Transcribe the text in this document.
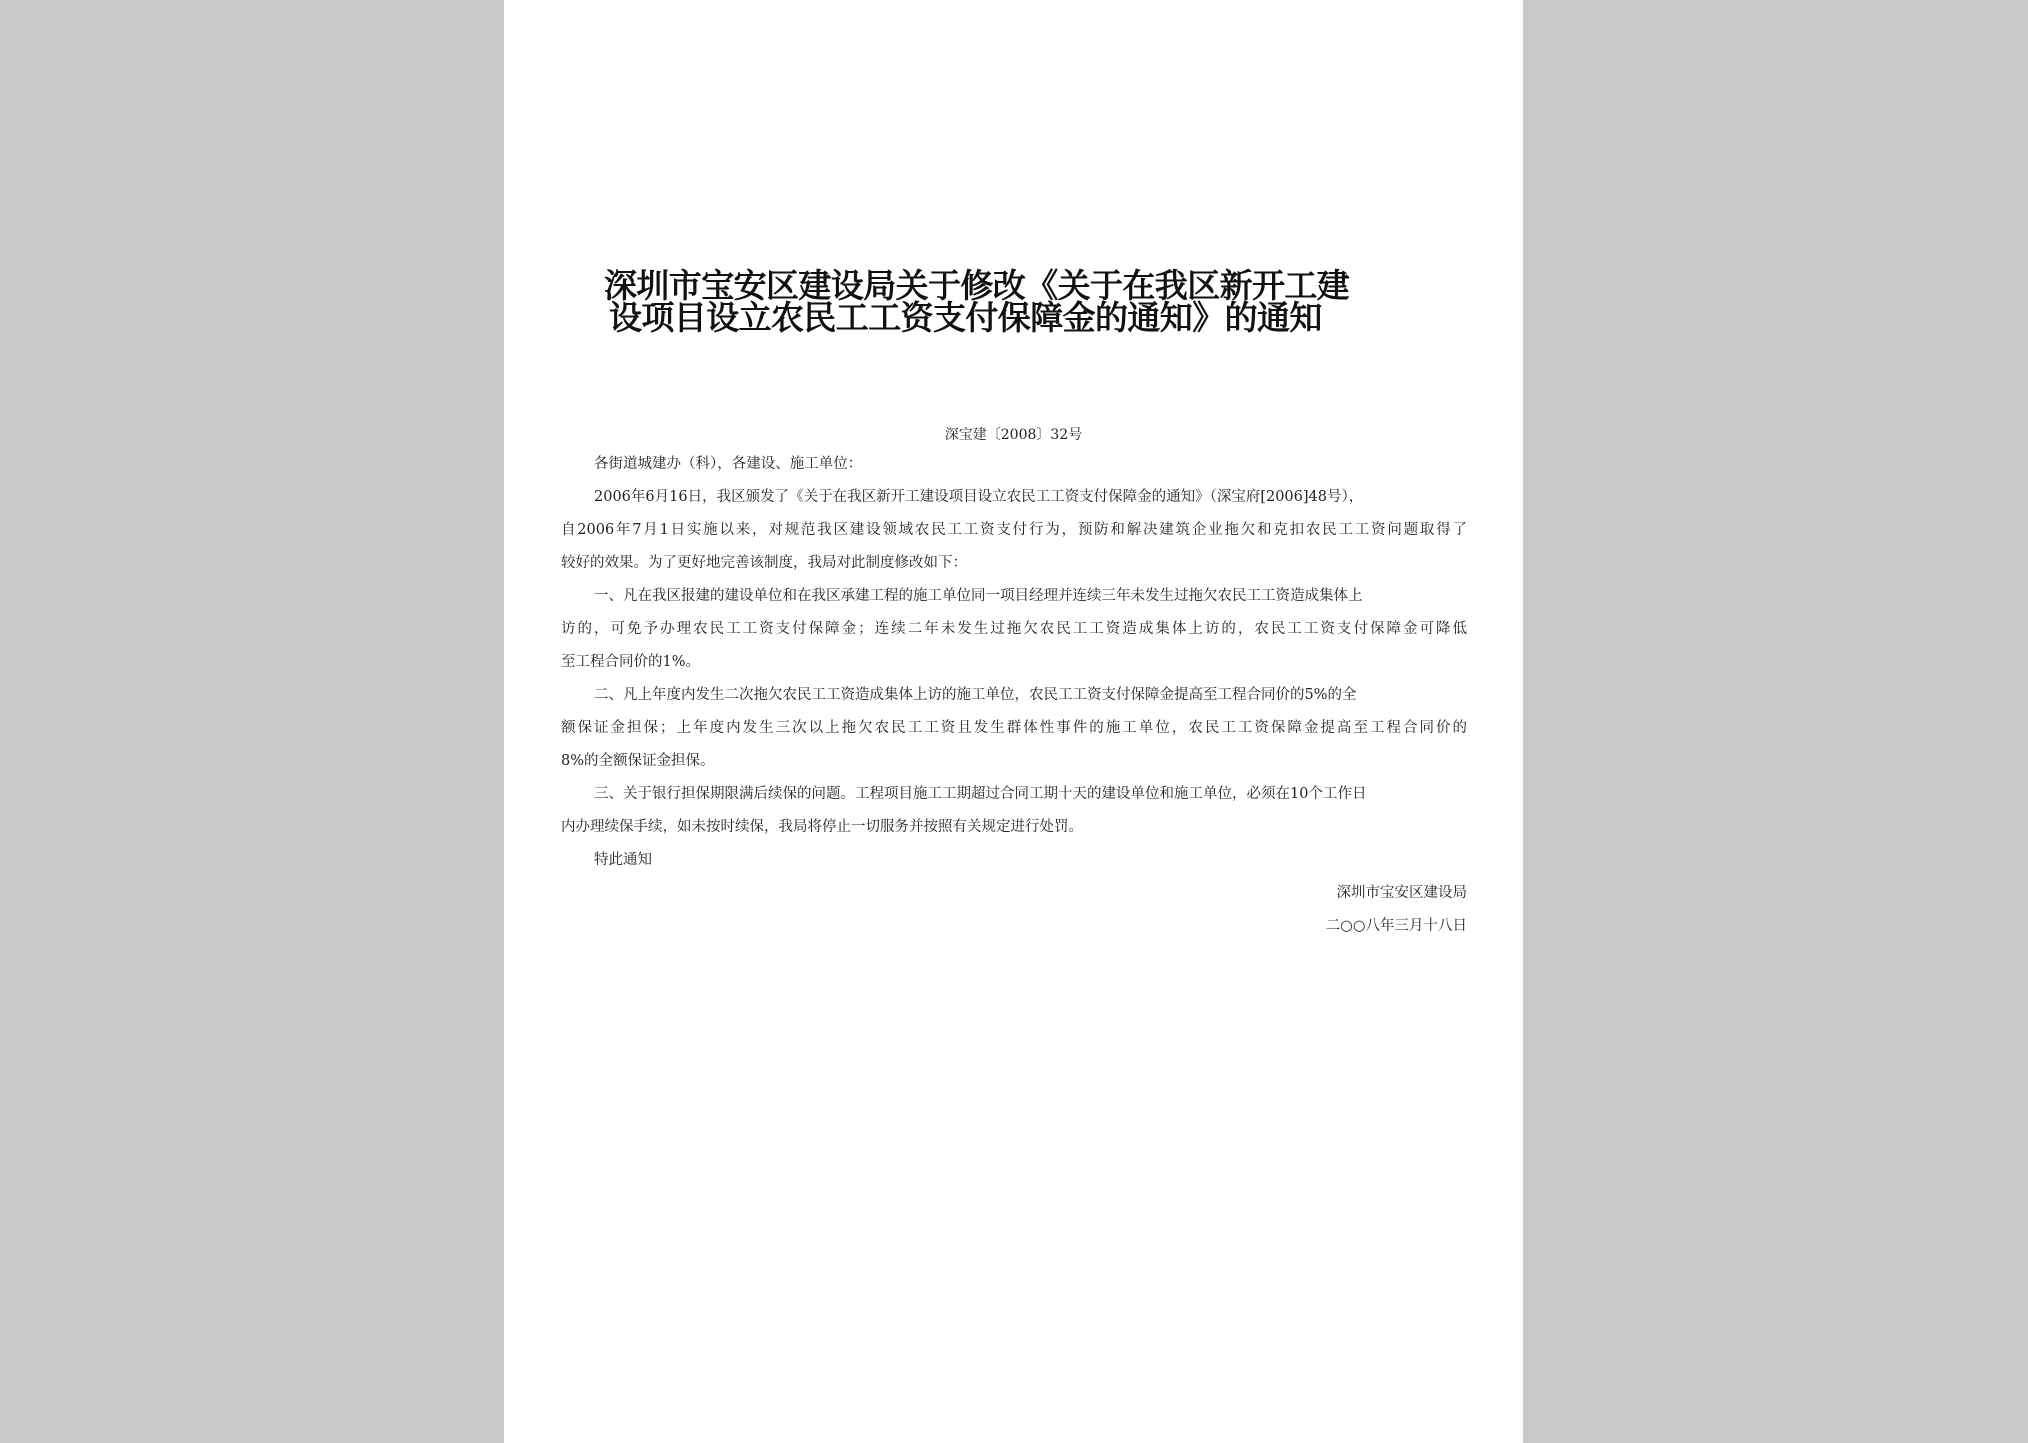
深圳市宝安区建设局关于修改《关于在我区新开工建
设项目设立农民工工资支付保障金的通知》的通知
深宝建〔2008〕32号
各街道城建办（科），各建设、施工单位：
2006年6月16日，我区颁发了《关于在我区新开工建设项目设立农民工工资支付保障金的通知》（深宝府[2006]48号），
自2006年7月1日实施以来，对规范我区建设领域农民工工资支付行为，预防和解决建筑企业拖欠和克扣农民工工资问题取得了
较好的效果。为了更好地完善该制度，我局对此制度修改如下：
一、凡在我区报建的建设单位和在我区承建工程的施工单位同一项目经理并连续三年未发生过拖欠农民工工资造成集体上
访的，可免予办理农民工工资支付保障金；连续二年未发生过拖欠农民工工资造成集体上访的，农民工工资支付保障金可降低
至工程合同价的1%。
二、凡上年度内发生二次拖欠农民工工资造成集体上访的施工单位，农民工工资支付保障金提高至工程合同价的5%的全
额保证金担保；上年度内发生三次以上拖欠农民工工资且发生群体性事件的施工单位，农民工工资保障金提高至工程合同价的
8%的全额保证金担保。
三、关于银行担保期限满后续保的问题。工程项目施工工期超过合同工期十天的建设单位和施工单位，必须在10个工作日
内办理续保手续，如未按时续保，我局将停止一切服务并按照有关规定进行处罚。
特此通知
深圳市宝安区建设局
二○○八年三月十八日
